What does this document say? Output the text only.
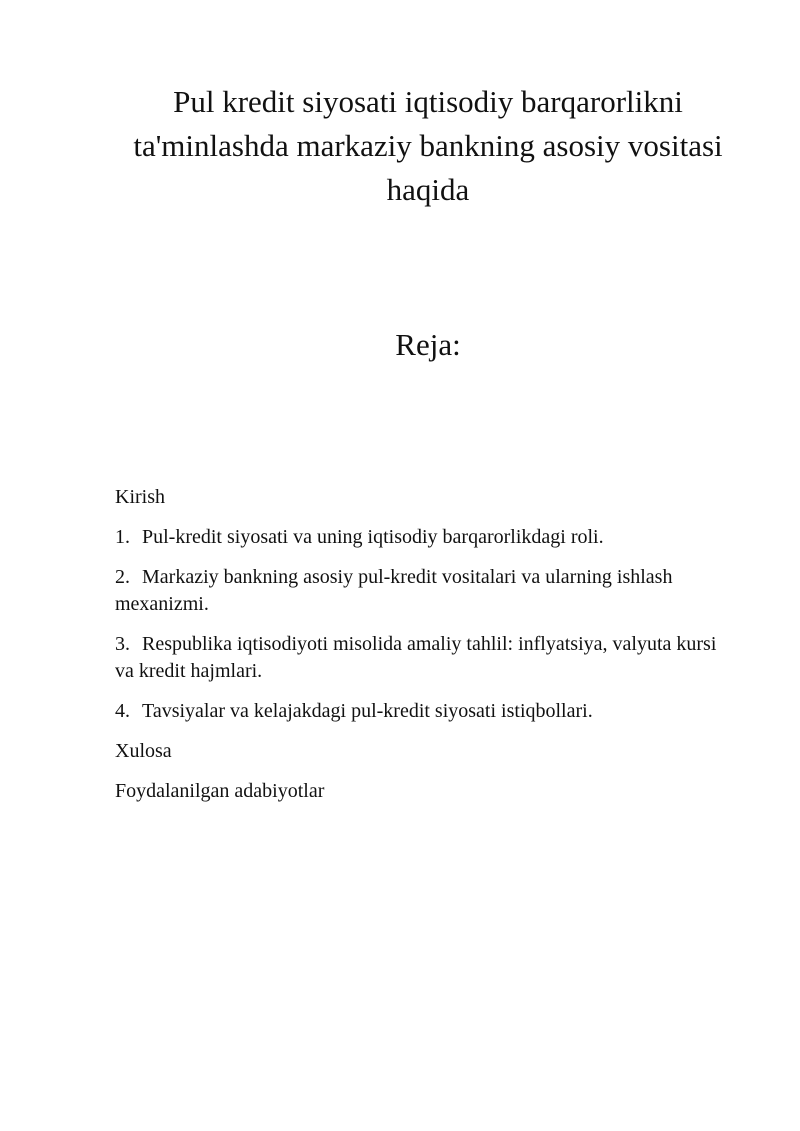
Pul kredit siyosati iqtisodiy barqarorlikni ta'minlashda markaziy bankning asosiy vositasi haqida
Reja:

Kirish

1. Pul-kredit siyosati va uning iqtisodiy barqarorlikdagi roli.

2. Markaziy bankning asosiy pul-kredit vositalari va ularning ishlash mexanizmi.

3. Respublika iqtisodiyoti misolida amaliy tahlil: inflyatsiya, valyuta kursi va kredit hajmlari.

4. Tavsiyalar va kelajakdagi pul-kredit siyosati istiqbollari.

Xulosa

Foydalanilgan adabiyotlar
